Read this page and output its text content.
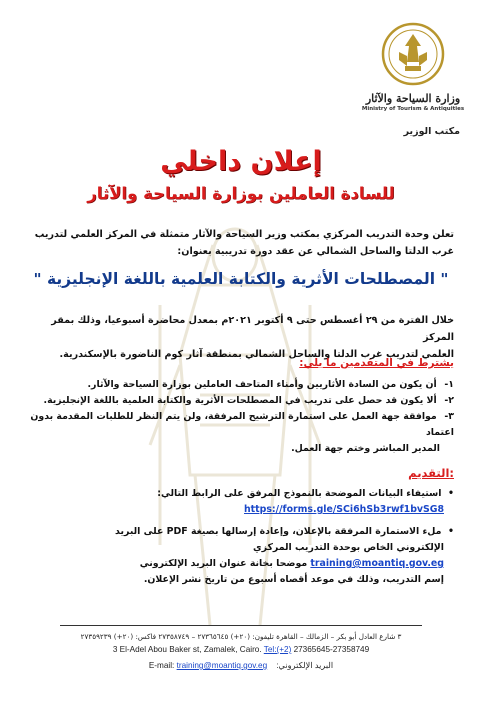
وزارة السياحة والآثار
Ministry of Tourism & Antiquities
مكتب الوزير
إعلان داخلي
للسادة العاملين بوزارة السياحة والآثار
تعلن وحدة التدريب المركزي بمكتب وزير السياحة والآثار متمثلة في المركز العلمي لتدريب
غرب الدلتا والساحل الشمالي عن عقد دورة تدريبية بعنوان:
" المصطلحات الأثرية والكتابة العلمية باللغة الإنجليزية "
خلال الفترة من ٢٩ أغسطس حتى ٩ أكتوبر ٢٠٢١م بمعدل محاضرة أسبوعيا، وذلك بمقر المركز
العلمي لتدريب غرب الدلتا والساحل الشمالي بمنطقة آثار كوم الناضورة بالإسكندرية.
يشترط في المتقدمين ما يلي:
١- أن يكون من السادة الأثاريين وأمناء المتاحف العاملين بوزارة السياحة والآثار.
٢- ألا يكون قد حصل على تدريب في المصطلحات الأثرية والكتابة العلمية باللغة الإنجليزية.
٣- موافقة جهة العمل على استمارة الترشيح المرفقة، ولن يتم النظر للطلبات المقدمة بدون اعتماد
المدير المباشر وختم جهة العمل.
التقديم:
•  استيفاء البيانات الموضحة بالنموذج المرفق على الرابط التالي:
https://forms.gle/SCi6hSb3rwf1bvSG8
•  ملء الاستمارة المرفقة بالإعلان، وإعادة إرسالها بصيغة PDF على البريد
الإلكتروني الخاص بوحدة التدريب المركزي
training@moantiq.gov.eg موضحا بخانة عنوان البريد الإلكتروني
إسم التدريب، وذلك في موعد أقصاه أسبوع من تاريخ نشر الإعلان.
٣ شارع العادل أبو بكر – الزمالك – القاهرة تليفون: (٢٠+) ٢٧٣٦٥٦٤٥ – ٢٧٣٥٨٧٤٩ فاكس: (٢٠+) ٢٧٣٥٩٢٣٩
3 El-Adel Abou Baker st, Zamalek, Cairo. Tel:(+2) 27365645-27358749
E-mail: training@moantiq.gov.eg البريد الإلكتروني:
